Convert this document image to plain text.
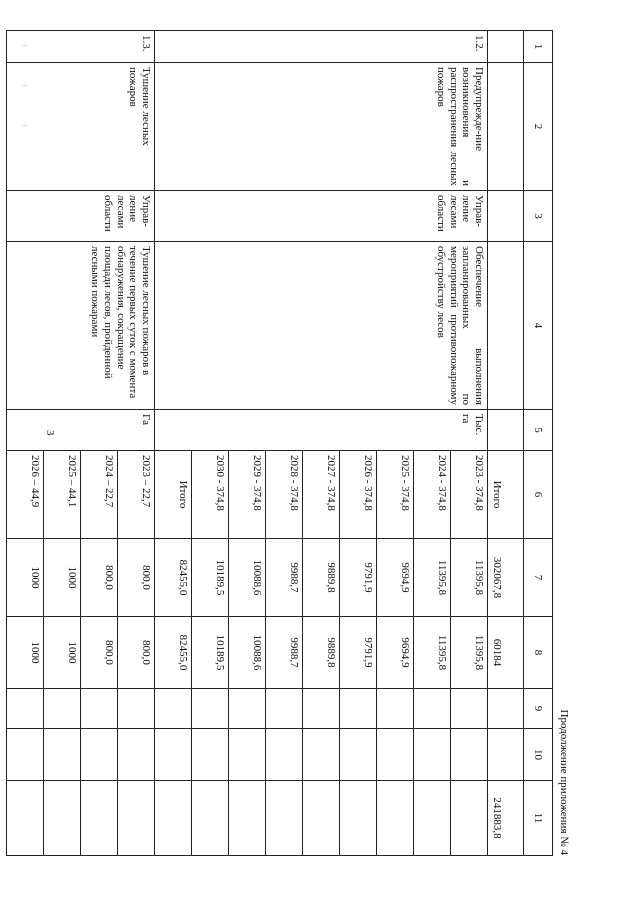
3
...
...
...
Продолжение приложения № 4
1	2	3	4	5	6	7	8	9	10	11
					Итого	302067,8	60184			241883,8
1.2.	Предупрежде-ние возникновения и распространения лесных пожаров	Управ-ление лесами области	Обеспечение выполнения запланированных по мероприятий противопожарному обустройству лесов	Тыс. га	2023 - 374,8	11395,8	11395,8			
					2024 - 374,8	11395,8	11395,8			
					2025 - 374,8	9694,9	9694,9			
					2026 - 374,8	9791,9	9791,9			
					2027 - 374,8	9889,8	9889,8			
					2028 - 374,8	9988,7	9988,7			
					2029 - 374,8	10088,6	10088,6			
					2030 - 374,8	10189,5	10189,5			
					Итого	82455,0	82455,0			
1.3.	Тушение лесных пожаров	Управ-ление лесами области	Тушение лесных пожаров в течение первых суток с момента обнаружения, сокращение площади лесов, пройденной лесными пожарами	Га	2023 – 22,7	800,0	800,0			
					2024 – 22,7	800,0	800,0			
					2025 – 44,1	1000	1000			
					2026 – 44,9	1000	1000			
